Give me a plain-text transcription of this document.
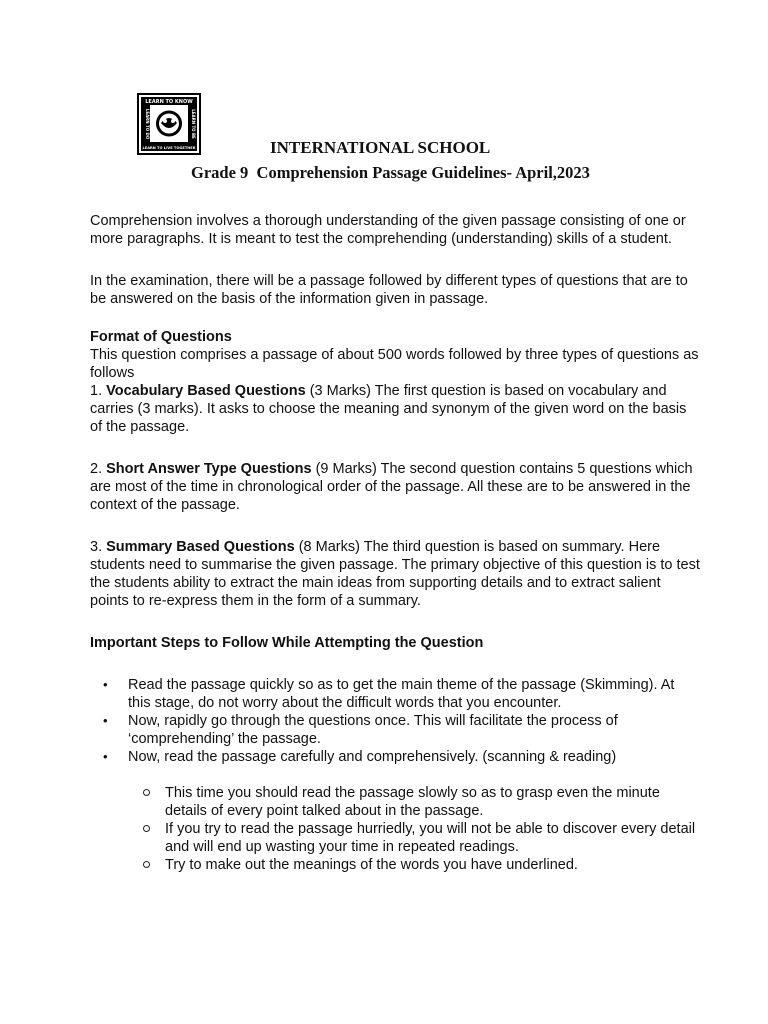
LEARN TO KNOW
LEARN TO LIVE TOGETHER
LEARN TO DO	LEARN TO BE
INTERNATIONAL SCHOOL
Grade 9  Comprehension Passage Guidelines- April,2023

Comprehension involves a thorough understanding of the given passage consisting of one or more paragraphs. It is meant to test the comprehending (understanding) skills of a student.

In the examination, there will be a passage followed by different types of questions that are to be answered on the basis of the information given in passage.

Format of Questions

This question comprises a passage of about 500 words followed by three types of questions as follows

1. Vocabulary Based Questions (3 Marks) The first question is based on vocabulary and carries (3 marks). It asks to choose the meaning and synonym of the given word on the basis of the passage.

2. Short Answer Type Questions (9 Marks) The second question contains 5 questions which are most of the time in chronological order of the passage. All these are to be answered in the context of the passage.

3. Summary Based Questions (8 Marks) The third question is based on summary. Here students need to summarise the given passage. The primary objective of this question is to test the students ability to extract the main ideas from supporting details and to extract salient points to re-express them in the form of a summary.

Important Steps to Follow While Attempting the Question

• Read the passage quickly so as to get the main theme of the passage (Skimming). At this stage, do not worry about the difficult words that you encounter.
• Now, rapidly go through the questions once. This will facilitate the process of ‘comprehending’ the passage.
• Now, read the passage carefully and comprehensively. (scanning & reading)
This time you should read the passage slowly so as to grasp even the minute details of every point talked about in the passage.
If you try to read the passage hurriedly, you will not be able to discover every detail and will end up wasting your time in repeated readings.
Try to make out the meanings of the words you have underlined.
